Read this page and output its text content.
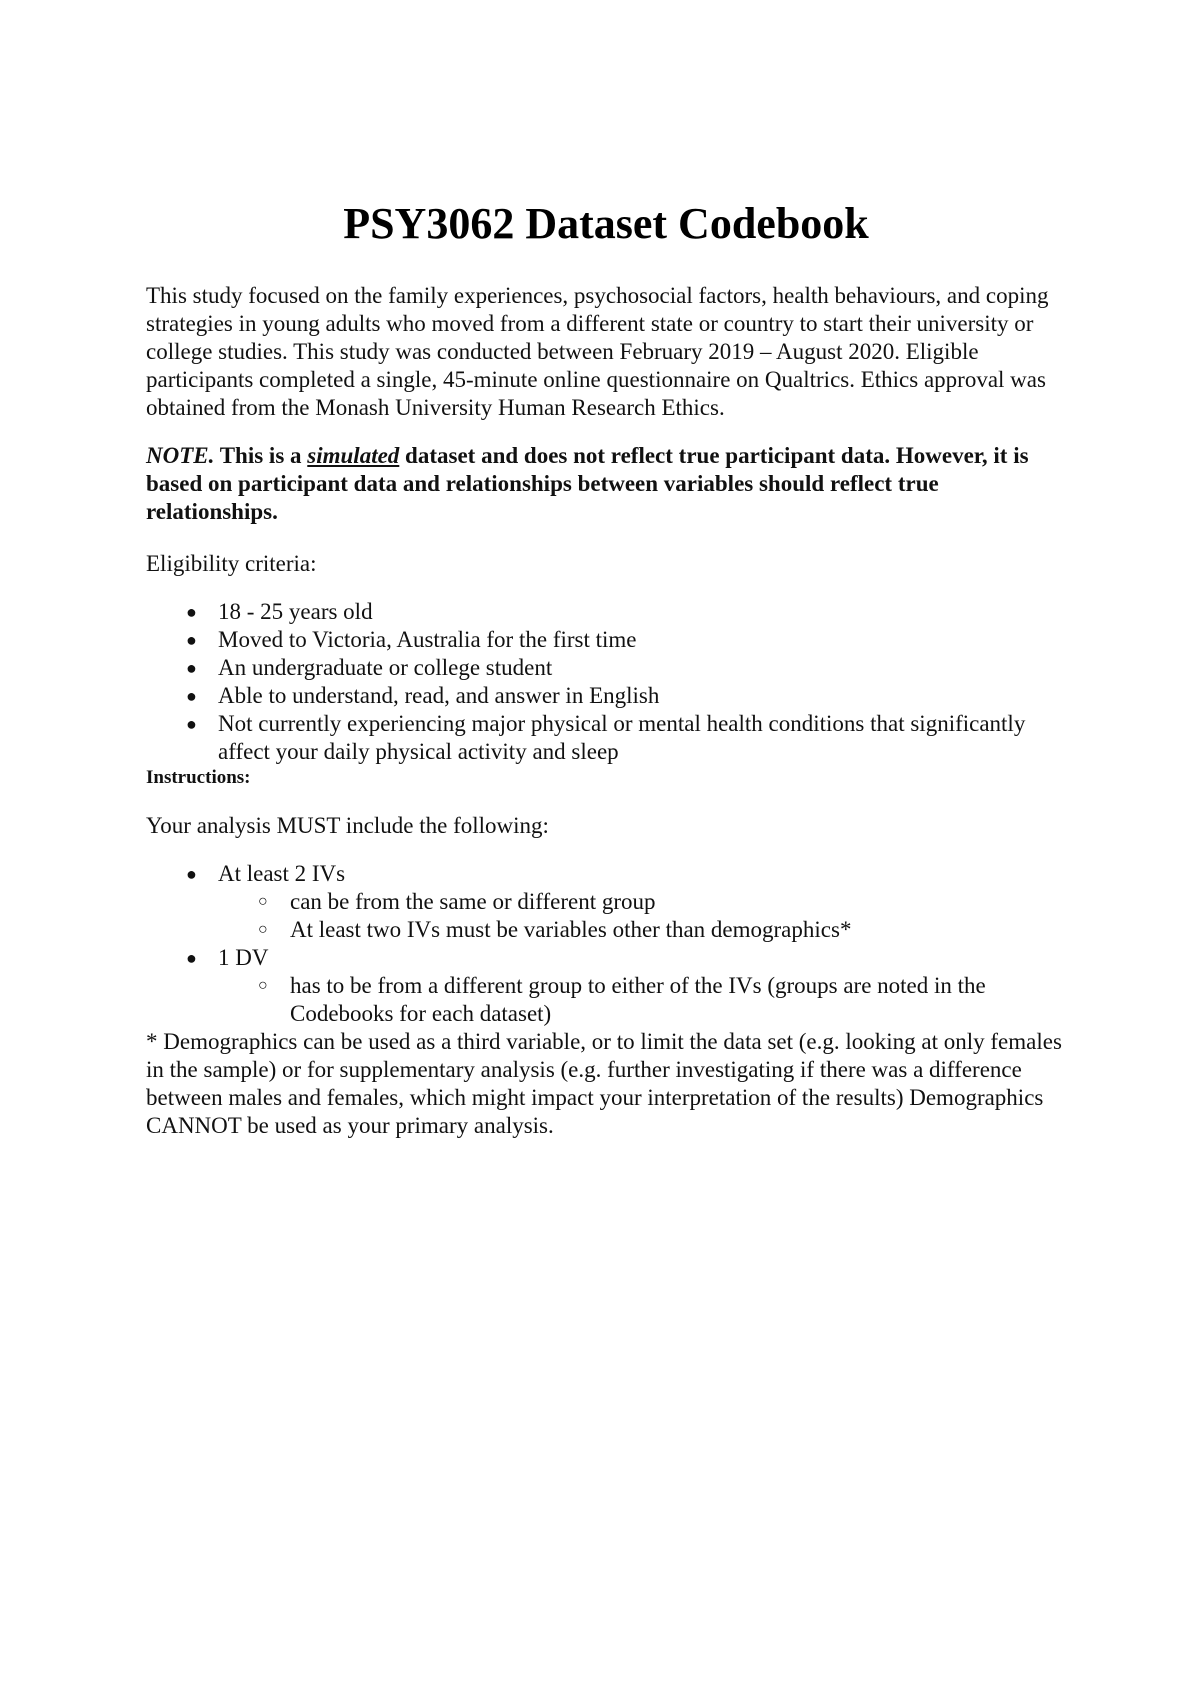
PSY3062 Dataset Codebook

This study focused on the family experiences, psychosocial factors, health behaviours, and coping strategies in young adults who moved from a different state or country to start their university or college studies. This study was conducted between February 2019 – August 2020. Eligible participants completed a single, 45-minute online questionnaire on Qualtrics. Ethics approval was obtained from the Monash University Human Research Ethics.

NOTE. This is a simulated dataset and does not reflect true participant data. However, it is based on participant data and relationships between variables should reflect true relationships.

Eligibility criteria:

● 18 - 25 years old
● Moved to Victoria, Australia for the first time
● An undergraduate or college student
● Able to understand, read, and answer in English
● Not currently experiencing major physical or mental health conditions that significantly affect your daily physical activity and sleep

Instructions:

Your analysis MUST include the following:

● At least 2 IVs
○ can be from the same or different group
○ At least two IVs must be variables other than demographics*
● 1 DV
○ has to be from a different group to either of the IVs (groups are noted in the Codebooks for each dataset)

* Demographics can be used as a third variable, or to limit the data set (e.g. looking at only females in the sample) or for supplementary analysis (e.g. further investigating if there was a difference between males and females, which might impact your interpretation of the results) Demographics CANNOT be used as your primary analysis.
